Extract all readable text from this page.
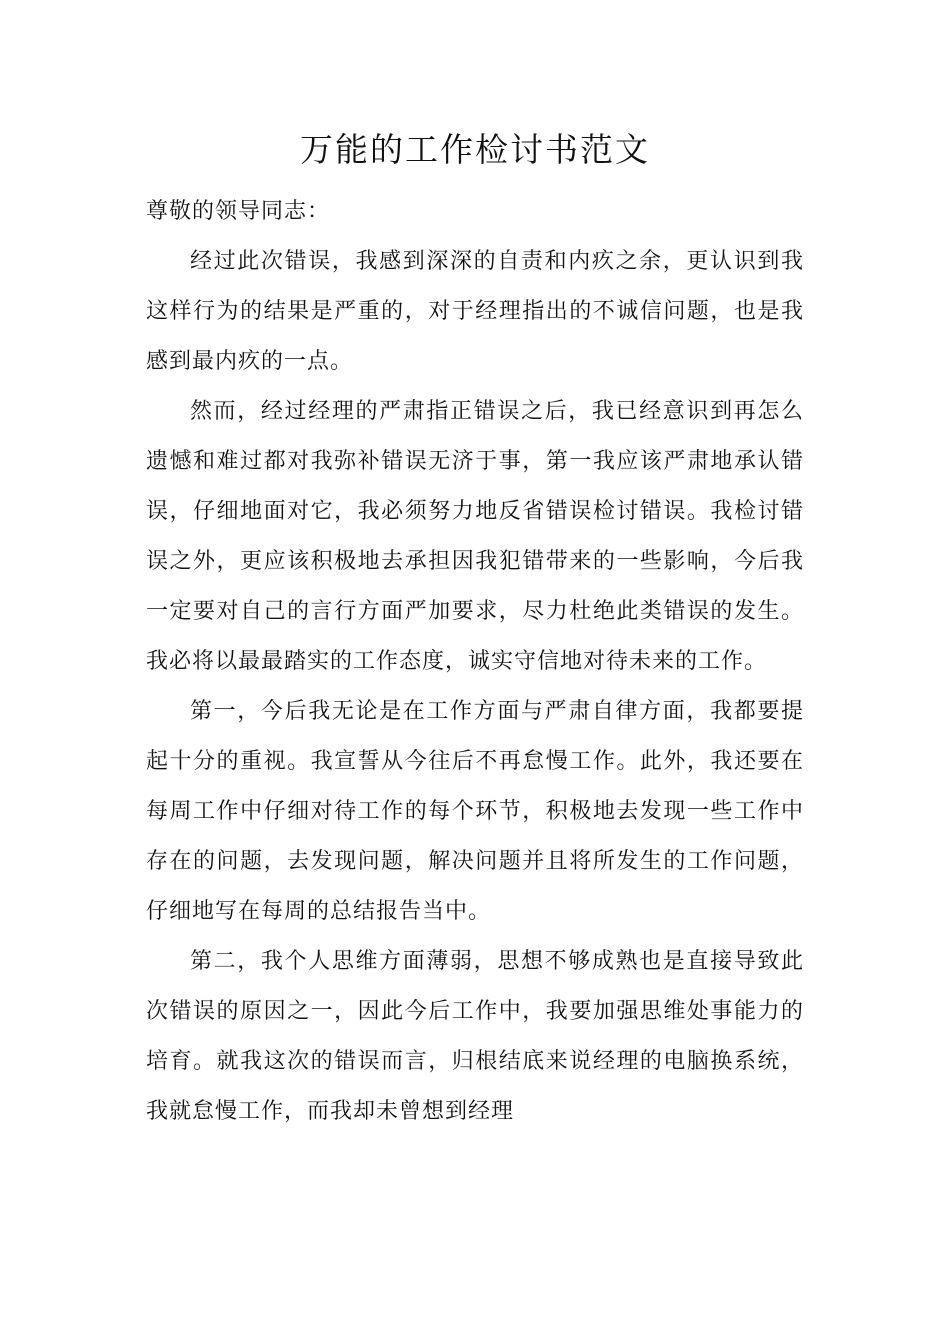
万能的工作检讨书范文

尊敬的领导同志：

经过此次错误，我感到深深的自责和内疚之余，更认识到我这样行为的结果是严重的，对于经理指出的不诚信问题，也是我感到最内疚的一点。

然而，经过经理的严肃指正错误之后，我已经意识到再怎么遗憾和难过都对我弥补错误无济于事，第一我应该严肃地承认错误，仔细地面对它，我必须努力地反省错误检讨错误。我检讨错误之外，更应该积极地去承担因我犯错带来的一些影响，今后我一定要对自己的言行方面严加要求，尽力杜绝此类错误的发生。我必将以最最踏实的工作态度，诚实守信地对待未来的工作。

第一，今后我无论是在工作方面与严肃自律方面，我都要提起十分的重视。我宣誓从今往后不再怠慢工作。此外，我还要在每周工作中仔细对待工作的每个环节，积极地去发现一些工作中存在的问题，去发现问题，解决问题并且将所发生的工作问题，仔细地写在每周的总结报告当中。

第二，我个人思维方面薄弱，思想不够成熟也是直接导致此次错误的原因之一，因此今后工作中，我要加强思维处事能力的培育。就我这次的错误而言，归根结底来说经理的电脑换系统，我就怠慢工作，而我却未曾想到经理
